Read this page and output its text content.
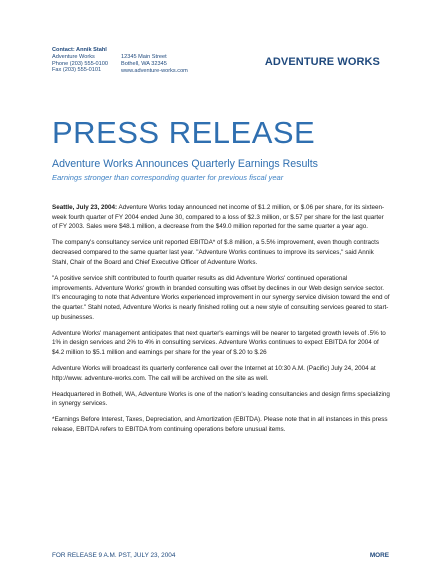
Contact: Annik Stahl
Adventure Works
Phone (203) 555-0100
Fax (203) 555-0101
12345 Main Street
Bothell, WA 32345
www.adventure-works.com
ADVENTURE WORKS
PRESS RELEASE
Adventure Works Announces Quarterly Earnings Results
Earnings stronger than corresponding quarter for previous fiscal year

Seattle, July 23, 2004: Adventure Works today announced net income of $1.2 million, or $.06 per share, for its sixteen-week fourth quarter of FY 2004 ended June 30, compared to a loss of $2.3 million, or $.57 per share for the last quarter of FY 2003. Sales were $48.1 million, a decrease from the $49.0 million reported for the same quarter a year ago.

The company's consultancy service unit reported EBITDA* of $.8 million, a 5.5% improvement, even though contracts decreased compared to the same quarter last year. "Adventure Works continues to improve its services," said Annik Stahl, Chair of the Board and Chief Executive Officer of Adventure Works.

"A positive service shift contributed to fourth quarter results as did Adventure Works' continued operational improvements. Adventure Works' growth in branded consulting was offset by declines in our Web design service sector. It's encouraging to note that Adventure Works experienced improvement in our synergy service division toward the end of the quarter." Stahl noted, Adventure Works is nearly finished rolling out a new style of consulting services geared to start-up businesses.

Adventure Works' management anticipates that next quarter's earnings will be nearer to targeted growth levels of .5% to 1% in design services and 2% to 4% in consulting services. Adventure Works continues to expect EBITDA for 2004 of $4.2 million to $5.1 million and earnings per share for the year of $.20 to $.26

Adventure Works will broadcast its quarterly conference call over the Internet at 10:30 A.M. (Pacific) July 24, 2004 at http://www. adventure-works.com. The call will be archived on the site as well.

Headquartered in Bothell, WA, Adventure Works is one of the nation's leading consultancies and design firms specializing in synergy services.

*Earnings Before Interest, Taxes, Depreciation, and Amortization (EBITDA). Please note that in all instances in this press release, EBITDA refers to EBITDA from continuing operations before unusual items.

FOR RELEASE 9 A.M. PST, JULY 23, 2004	MORE
